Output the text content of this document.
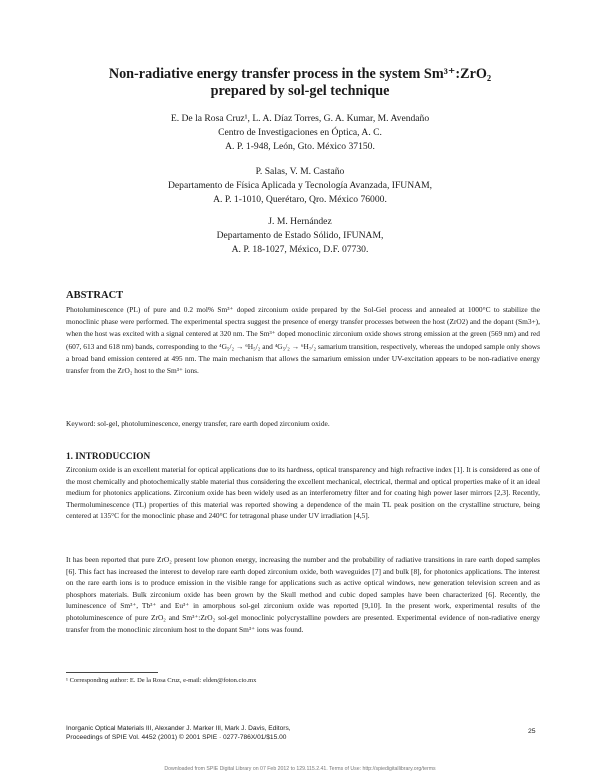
Non-radiative energy transfer process in the system Sm³⁺:ZrO₂
prepared by sol-gel technique
E. De la Rosa Cruz¹, L. A. Díaz Torres, G. A. Kumar, M. Avendaño
Centro de Investigaciones en Óptica, A. C.
A. P. 1-948, León, Gto. México 37150.
P. Salas, V. M. Castaño
Departamento de Física Aplicada y Tecnología Avanzada, IFUNAM,
A. P. 1-1010, Querétaro, Qro. México 76000.
J. M. Hernández
Departamento de Estado Sólido, IFUNAM,
A. P. 18-1027, México, D.F. 07730.
ABSTRACT
Photoluminescence (PL) of pure and 0.2 mol% Sm³⁺ doped zirconium oxide prepared by the Sol-Gel process and annealed at 1000°C to stabilize the monoclinic phase were performed. The experimental spectra suggest the presence of energy transfer processes between the host (ZrO2) and the dopant (Sm3+), when the host was excited with a signal centered at 320 nm. The Sm³⁺ doped monoclinic zirconium oxide shows strong emission at the green (569 nm) and red (607, 613 and 618 nm) bands, corresponding to the ⁴G₅/₂ → ⁶H₅/₂ and ⁴G₅/₂ → ⁶H₇/₂ samarium transition, respectively, whereas the undoped sample only shows a broad band emission centered at 495 nm. The main mechanism that allows the samarium emission under UV-excitation appears to be non-radiative energy transfer from the ZrO₂ host to the Sm³⁺ ions.
Keyword: sol-gel, photoluminescence, energy transfer, rare earth doped zirconium oxide.
1. INTRODUCCION
Zirconium oxide is an excellent material for optical applications due to its hardness, optical transparency and high refractive index [1]. It is considered as one of the most chemically and photochemically stable material thus considering the excellent mechanical, electrical, thermal and optical properties make of it an ideal medium for photonics applications. Zirconium oxide has been widely used as an interferometry filter and for coating high power laser mirrors [2,3]. Recently, Thermoluminescence (TL) properties of this material was reported showing a dependence of the main TL peak position on the crystalline structure, being centered at 135°C for the monoclinic phase and 240°C for tetragonal phase under UV irradiation [4,5].
It has been reported that pure ZrO₂ present low phonon energy, increasing the number and the probability of radiative transitions in rare earth doped samples [6]. This fact has increased the interest to develop rare earth doped zirconium oxide, both waveguides [7] and bulk [8], for photonics applications. The interest on the rare earth ions is to produce emission in the visible range for applications such as active optical windows, new generation television screen and as phosphors materials. Bulk zirconium oxide has been grown by the Skull method and cubic doped samples have been characterized [6]. Recently, the luminescence of Sm³⁺, Tb³⁺ and Eu³⁺ in amorphous sol-gel zirconium oxide was reported [9,10]. In the present work, experimental results of the photoluminescence of pure ZrO₂ and Sm³⁺:ZrO₂ sol-gel monoclinic polycrystalline powders are presented. Experimental evidence of non-radiative energy transfer from the monoclinic zirconium host to the dopant Sm³⁺ ions was found.
¹ Corresponding author: E. De la Rosa Cruz, e-mail: elden@foton.cio.mx
Inorganic Optical Materials III, Alexander J. Marker III, Mark J. Davis, Editors,
Proceedings of SPIE Vol. 4452 (2001) © 2001 SPIE · 0277-786X/01/$15.00
25
Downloaded from SPIE Digital Library on 07 Feb 2012 to 129.115.2.41. Terms of Use: http://spiedigitallibrary.org/terms
